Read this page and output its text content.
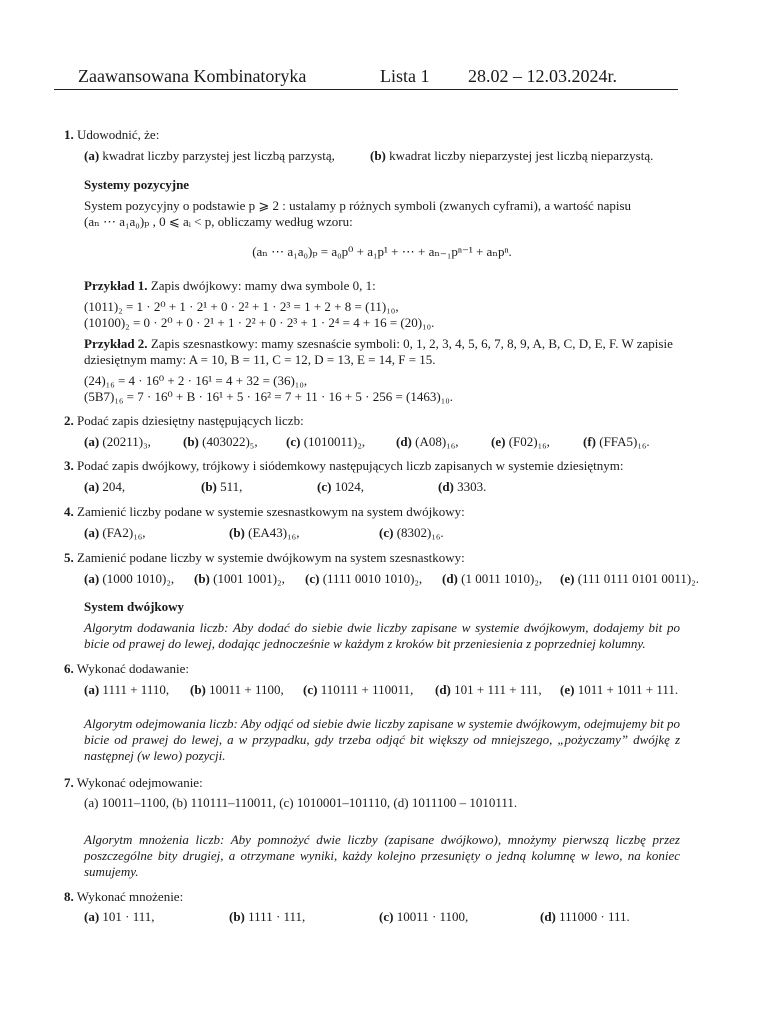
Zaawansowana Kombinatoryka	Lista 1 28.02 – 12.03.2024r.
1. Udowodnić, że:
(a) kwadrat liczby parzystej jest liczbą parzystą,	(b) kwadrat liczby nieparzystej jest liczbą nieparzystą.
Systemy pozycyjne
System pozycyjny o podstawie p ⩾ 2 : ustalamy p różnych symboli (zwanych cyframi), a wartość napisu
(aₙ ⋯ a₁a₀)ₚ , 0 ⩽ aᵢ < p, obliczamy według wzoru:
(aₙ ⋯ a₁a₀)ₚ = a₀p⁰ + a₁p¹ + ⋯ + aₙ₋₁pⁿ⁻¹ + aₙpⁿ.
Przykład 1. Zapis dwójkowy: mamy dwa symbole 0, 1:
(1011)₂ = 1 · 2⁰ + 1 · 2¹ + 0 · 2² + 1 · 2³ = 1 + 2 + 8 = (11)₁₀,
(10100)₂ = 0 · 2⁰ + 0 · 2¹ + 1 · 2² + 0 · 2³ + 1 · 2⁴ = 4 + 16 = (20)₁₀.
Przykład 2. Zapis szesnastkowy: mamy szesnaście symboli: 0, 1, 2, 3, 4, 5, 6, 7, 8, 9, A, B, C, D, E, F. W zapisie
dziesiętnym mamy: A = 10, B = 11, C = 12, D = 13, E = 14, F = 15.
(24)₁₆ = 4 · 16⁰ + 2 · 16¹ = 4 + 32 = (36)₁₀,
(5B7)₁₆ = 7 · 16⁰ + B · 16¹ + 5 · 16² = 7 + 11 · 16 + 5 · 256 = (1463)₁₀.
2. Podać zapis dziesiętny następujących liczb:
(a) (20211)₃, (b) (403022)₅, (c) (1010011)₂, (d) (A08)₁₆, (e) (F02)₁₆,	(f) (FFA5)₁₆.
3. Podać zapis dwójkowy, trójkowy i siódemkowy następujących liczb zapisanych w systemie dziesiętnym:
(a) 204,	(b) 511,	(c) 1024,	(d) 3303.
4. Zamienić liczby podane w systemie szesnastkowym na system dwójkowy:
(a) (FA2)₁₆,	(b) (EA43)₁₆,	(c) (8302)₁₆.
5. Zamienić podane liczby w systemie dwójkowym na system szesnastkowy:
(a) (1000 1010)₂, (b) (1001 1001)₂, (c) (1111 0010 1010)₂, (d) (1 0011 1010)₂, (e) (111 0111 0101 0011)₂.
System dwójkowy
Algorytm dodawania liczb: Aby dodać do siebie dwie liczby zapisane w systemie dwójkowym, dodajemy bit po bicie od prawej do lewej, dodając jednocześnie w każdym z kroków bit przeniesienia z poprzedniej kolumny.
6. Wykonać dodawanie:
(a) 1111 + 1110, (b) 10011 + 1100, (c) 110111 + 110011, (d) 101 + 111 + 111, (e) 1011 + 1011 + 111.
Algorytm odejmowania liczb: Aby odjąć od siebie dwie liczby zapisane w systemie dwójkowym, odejmujemy bit po bicie od prawej do lewej, a w przypadku, gdy trzeba odjąć bit większy od mniejszego, „pożyczamy” dwójkę z następnej (w lewo) pozycji.
7. Wykonać odejmowanie:
(a) 10011–1100, (b) 110111–110011, (c) 1010001–101110, (d) 1011100 – 1010111.
Algorytm mnożenia liczb: Aby pomnożyć dwie liczby (zapisane dwójkowo), mnożymy pierwszą liczbę przez poszczególne bity drugiej, a otrzymane wyniki, każdy kolejno przesunięty o jedną kolumnę w lewo, na koniec sumujemy.
8. Wykonać mnożenie:
(a) 101 · 111,	(b) 1111 · 111,	(c) 10011 · 1100,	(d) 111000 · 111.
